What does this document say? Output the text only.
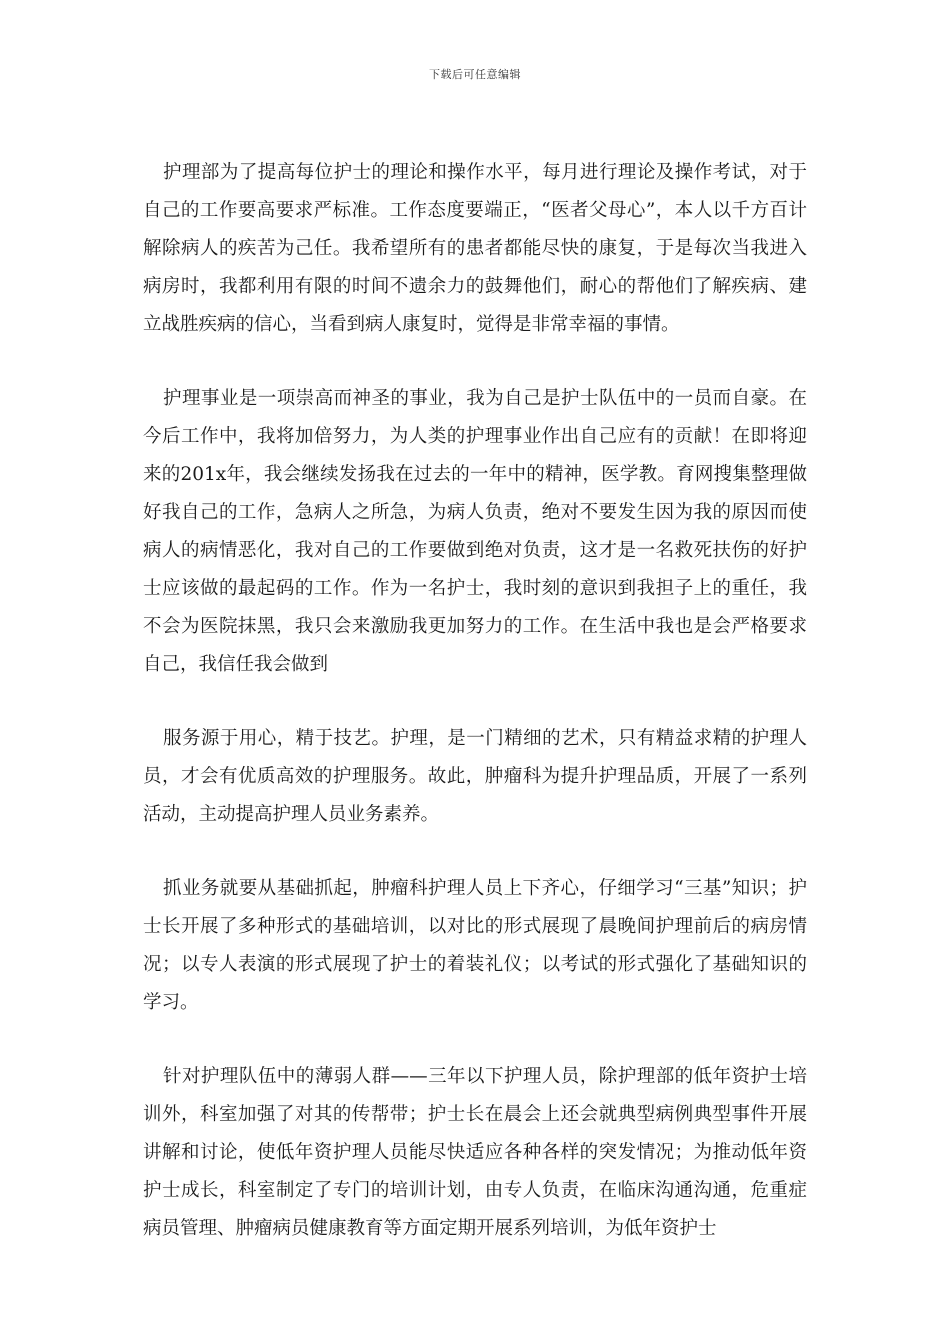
下载后可任意编辑

护理部为了提高每位护士的理论和操作水平，每月进行理论及操作考试，对于自己的工作要高要求严标准。工作态度要端正，“医者父母心”，本人以千方百计解除病人的疾苦为己任。我希望所有的患者都能尽快的康复，于是每次当我进入病房时，我都利用有限的时间不遗余力的鼓舞他们，耐心的帮他们了解疾病、建立战胜疾病的信心，当看到病人康复时，觉得是非常幸福的事情。

护理事业是一项崇高而神圣的事业，我为自己是护士队伍中的一员而自豪。在今后工作中，我将加倍努力，为人类的护理事业作出自己应有的贡献！在即将迎来的201x年，我会继续发扬我在过去的一年中的精神，医学教。育网搜集整理做好我自己的工作，急病人之所急，为病人负责，绝对不要发生因为我的原因而使病人的病情恶化，我对自己的工作要做到绝对负责，这才是一名救死扶伤的好护士应该做的最起码的工作。作为一名护士，我时刻的意识到我担子上的重任，我不会为医院抹黑，我只会来激励我更加努力的工作。在生活中我也是会严格要求自己，我信任我会做到

服务源于用心，精于技艺。护理，是一门精细的艺术，只有精益求精的护理人员，才会有优质高效的护理服务。故此，肿瘤科为提升护理品质，开展了一系列活动，主动提高护理人员业务素养。

抓业务就要从基础抓起，肿瘤科护理人员上下齐心，仔细学习“三基”知识；护士长开展了多种形式的基础培训，以对比的形式展现了晨晚间护理前后的病房情况；以专人表演的形式展现了护士的着装礼仪；以考试的形式强化了基础知识的学习。

针对护理队伍中的薄弱人群——三年以下护理人员，除护理部的低年资护士培训外，科室加强了对其的传帮带；护士长在晨会上还会就典型病例典型事件开展讲解和讨论，使低年资护理人员能尽快适应各种各样的突发情况；为推动低年资护士成长，科室制定了专门的培训计划，由专人负责，在临床沟通沟通，危重症病员管理、肿瘤病员健康教育等方面定期开展系列培训，为低年资护士
